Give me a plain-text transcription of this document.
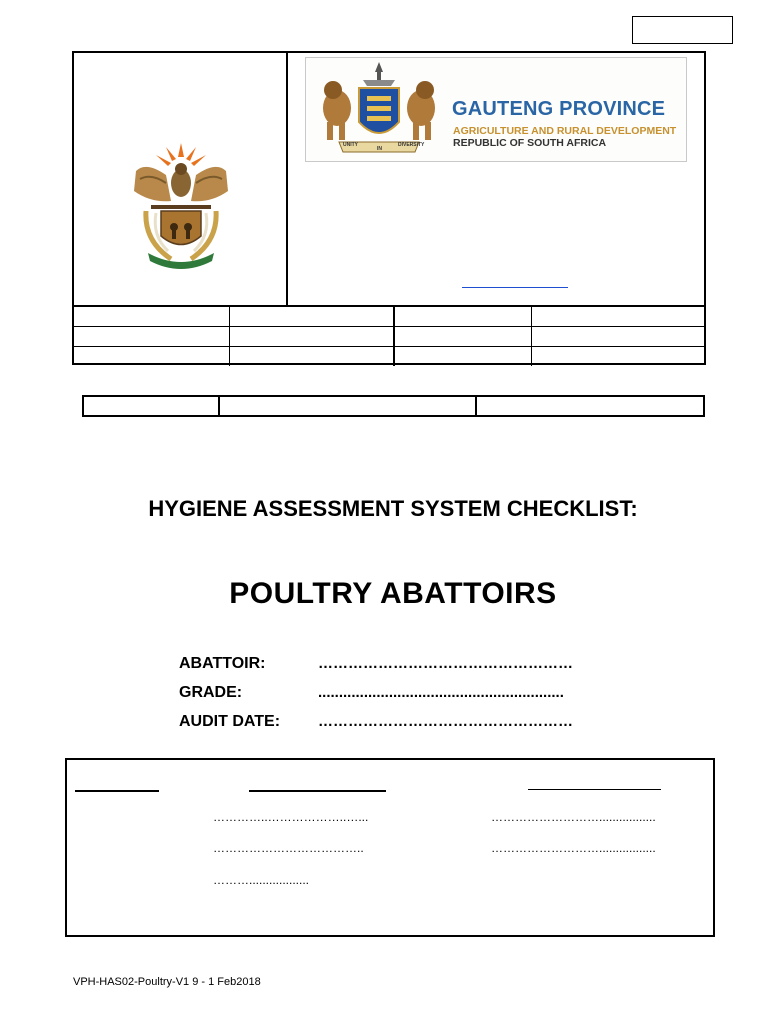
UNITY
IN
DIVERSITY
GAUTENG PROVINCE
AGRICULTURE AND RURAL DEVELOPMENT
REPUBLIC OF SOUTH AFRICA

HYGIENE ASSESSMENT SYSTEM CHECKLIST:
POULTRY ABATTOIRS
ABATTOIR:	……………………………………………
GRADE:	...........................................................
AUDIT DATE:	……………………………………………
…………..………………..…...	……………………….................
………………………………..	……………………….................
………..................
VPH-HAS02-Poultry-V1 9 - 1 Feb2018
